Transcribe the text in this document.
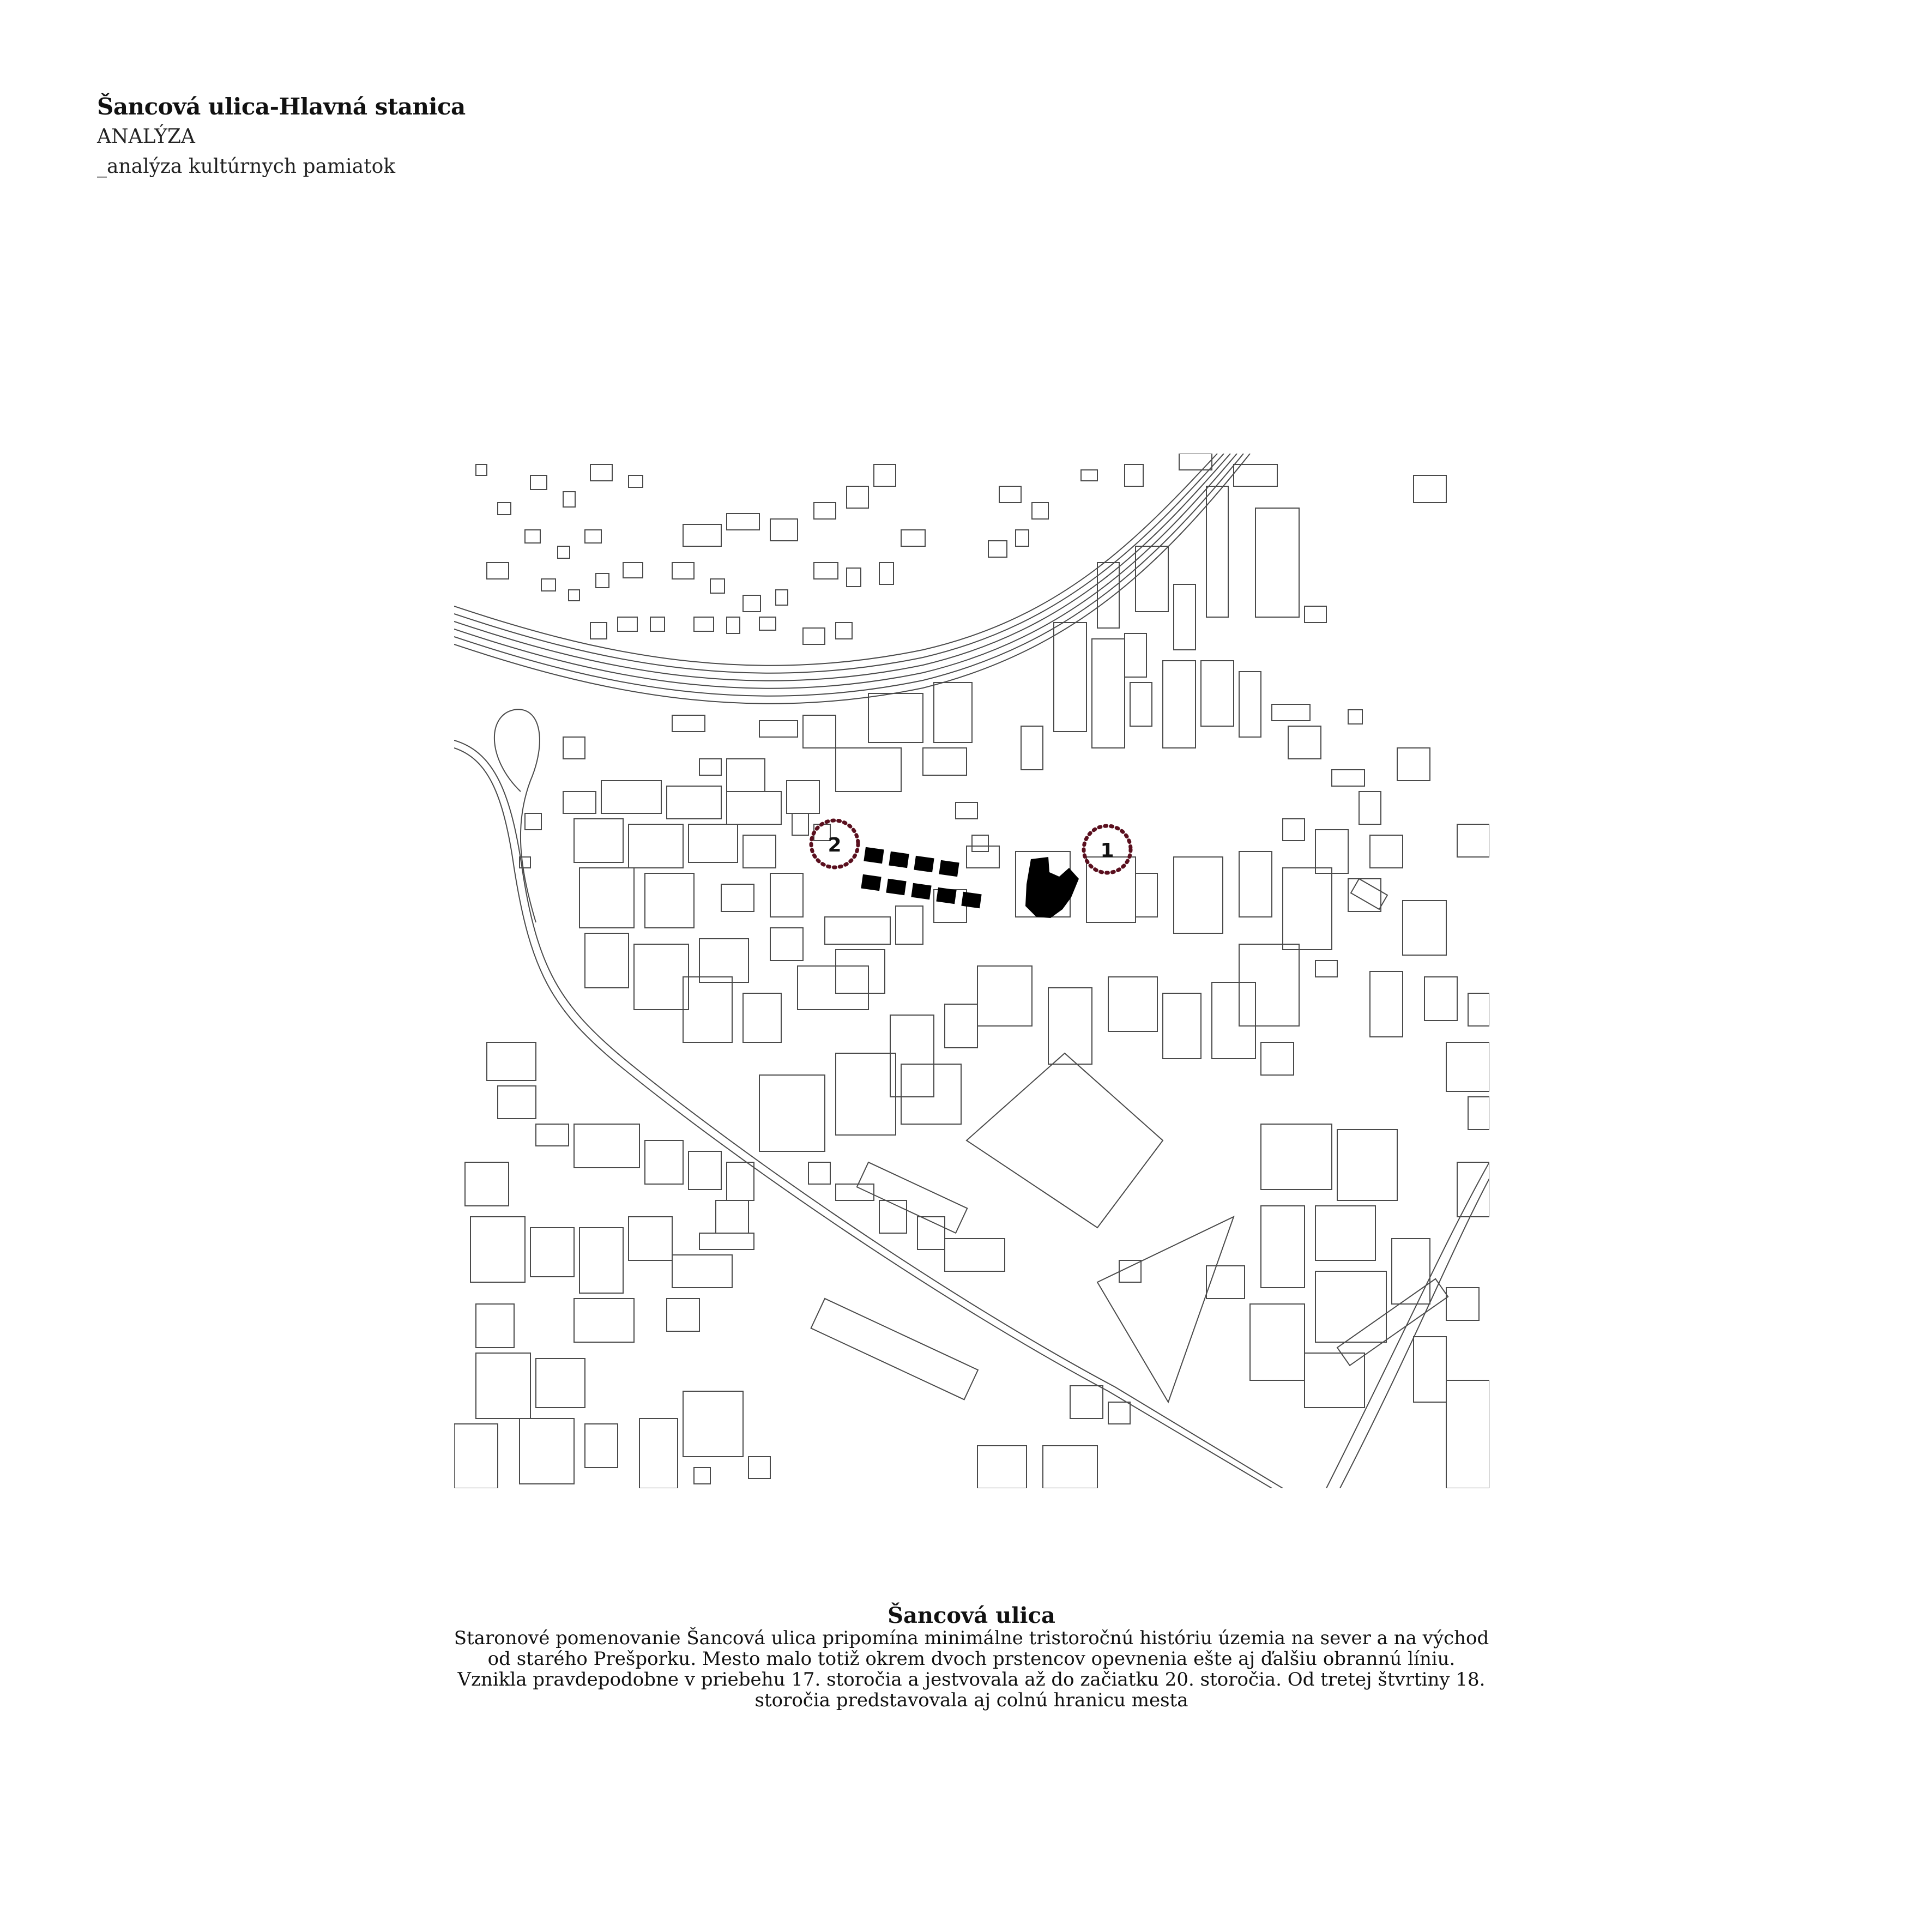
Šancová ulica-Hlavná stanica
ANALÝZA
_analýza kultúrnych pamiatok
2	1
Šancová ulica
Staronové pomenovanie Šancová ulica pripomína minimálne tristoročnú históriu územia na sever a na východ
od starého Prešporku. Mesto malo totiž okrem dvoch prstencov opevnenia ešte aj ďalšiu obrannú líniu.
Vznikla pravdepodobne v priebehu 17. storočia a jestvovala až do začiatku 20. storočia. Od tretej štvrtiny 18.
storočia predstavovala aj colnú hranicu mesta
